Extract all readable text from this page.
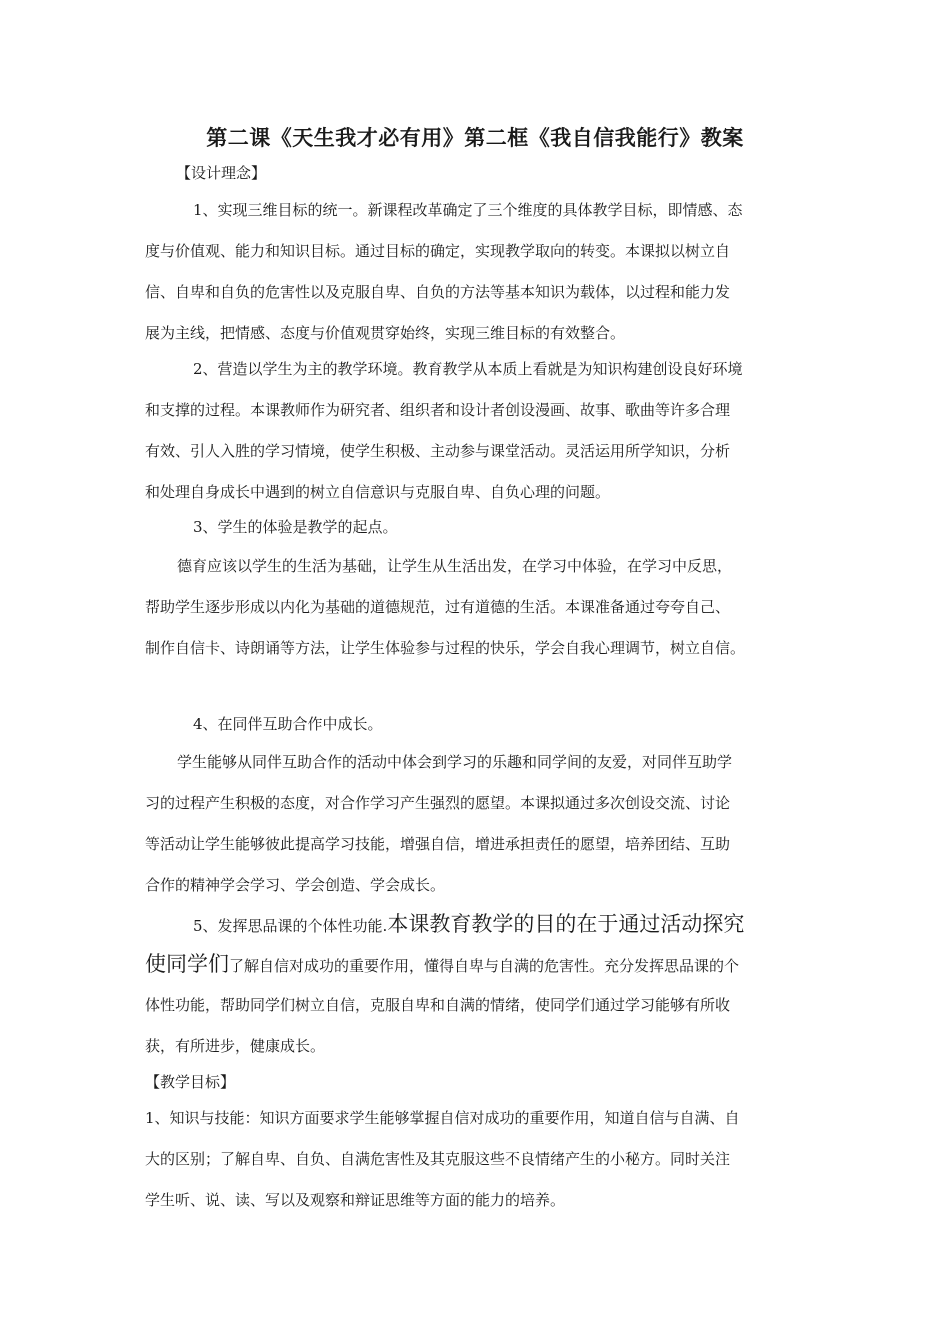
第二课《天生我才必有用》第二框《我自信我能行》教案

【设计理念】

1、实现三维目标的统一。新课程改革确定了三个维度的具体教学目标，即情感、态

度与价值观、能力和知识目标。通过目标的确定，实现教学取向的转变。本课拟以树立自

信、自卑和自负的危害性以及克服自卑、自负的方法等基本知识为载体，以过程和能力发

展为主线，把情感、态度与价值观贯穿始终，实现三维目标的有效整合。

2、营造以学生为主的教学环境。教育教学从本质上看就是为知识构建创设良好环境

和支撑的过程。本课教师作为研究者、组织者和设计者创设漫画、故事、歌曲等许多合理

有效、引人入胜的学习情境，使学生积极、主动参与课堂活动。灵活运用所学知识，分析

和处理自身成长中遇到的树立自信意识与克服自卑、自负心理的问题。

3、学生的体验是教学的起点。

德育应该以学生的生活为基础，让学生从生活出发，在学习中体验，在学习中反思，

帮助学生逐步形成以内化为基础的道德规范，过有道德的生活。本课准备通过夸夸自己、

制作自信卡、诗朗诵等方法，让学生体验参与过程的快乐，学会自我心理调节，树立自信。

4、在同伴互助合作中成长。

学生能够从同伴互助合作的活动中体会到学习的乐趣和同学间的友爱，对同伴互助学

习的过程产生积极的态度，对合作学习产生强烈的愿望。本课拟通过多次创设交流、讨论

等活动让学生能够彼此提高学习技能，增强自信，增进承担责任的愿望，培养团结、互助

合作的精神学会学习、学会创造、学会成长。

5、发挥思品课的个体性功能.本课教育教学的目的在于通过活动探究

使同学们了解自信对成功的重要作用，懂得自卑与自满的危害性。充分发挥思品课的个

体性功能，帮助同学们树立自信，克服自卑和自满的情绪，使同学们通过学习能够有所收

获，有所进步，健康成长。

【教学目标】

1、知识与技能：知识方面要求学生能够掌握自信对成功的重要作用，知道自信与自满、自

大的区别；了解自卑、自负、自满危害性及其克服这些不良情绪产生的小秘方。同时关注

学生听、说、读、写以及观察和辩证思维等方面的能力的培养。
